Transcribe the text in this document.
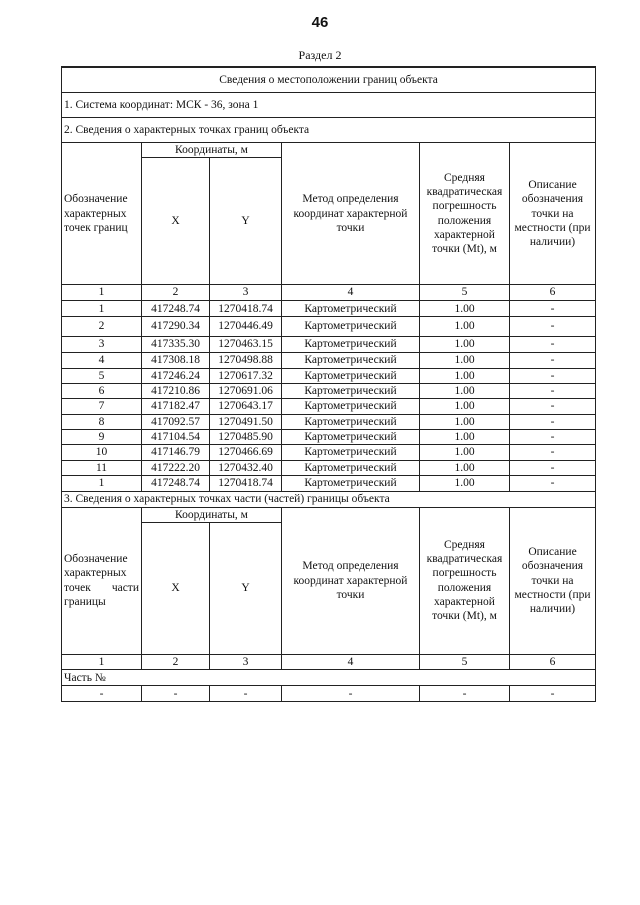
46
Раздел 2
Сведения о местоположении границ объекта					
1. Система координат: МСК - 36, зона 1					
2. Сведения о характерных точках границ объекта					
Обозначение характерных точек границ	Координаты, м		Метод определения координат характерной точки	Средняя квадратическая погрешность положения характерной точки (Mt), м	Описание обозначения точки на местности (при наличии)
	X	Y			
1	2	3	4	5	6
1	417248.74	1270418.74	Картометрический	1.00	-
2	417290.34	1270446.49	Картометрический	1.00	-
3	417335.30	1270463.15	Картометрический	1.00	-
4	417308.18	1270498.88	Картометрический	1.00	-
5	417246.24	1270617.32	Картометрический	1.00	-
6	417210.86	1270691.06	Картометрический	1.00	-
7	417182.47	1270643.17	Картометрический	1.00	-
8	417092.57	1270491.50	Картометрический	1.00	-
9	417104.54	1270485.90	Картометрический	1.00	-
10	417146.79	1270466.69	Картометрический	1.00	-
11	417222.20	1270432.40	Картометрический	1.00	-
1	417248.74	1270418.74	Картометрический	1.00	-
3. Сведения о характерных точках части (частей) границы объекта					
Обозначение характерных точек части границы	Координаты, м		Метод определения координат характерной точки	Средняя квадратическая погрешность положения характерной точки (Mt), м	Описание обозначения точки на местности (при наличии)
	X	Y			
1	2	3	4	5	6
Часть №					
-	-	-	-	-	-
